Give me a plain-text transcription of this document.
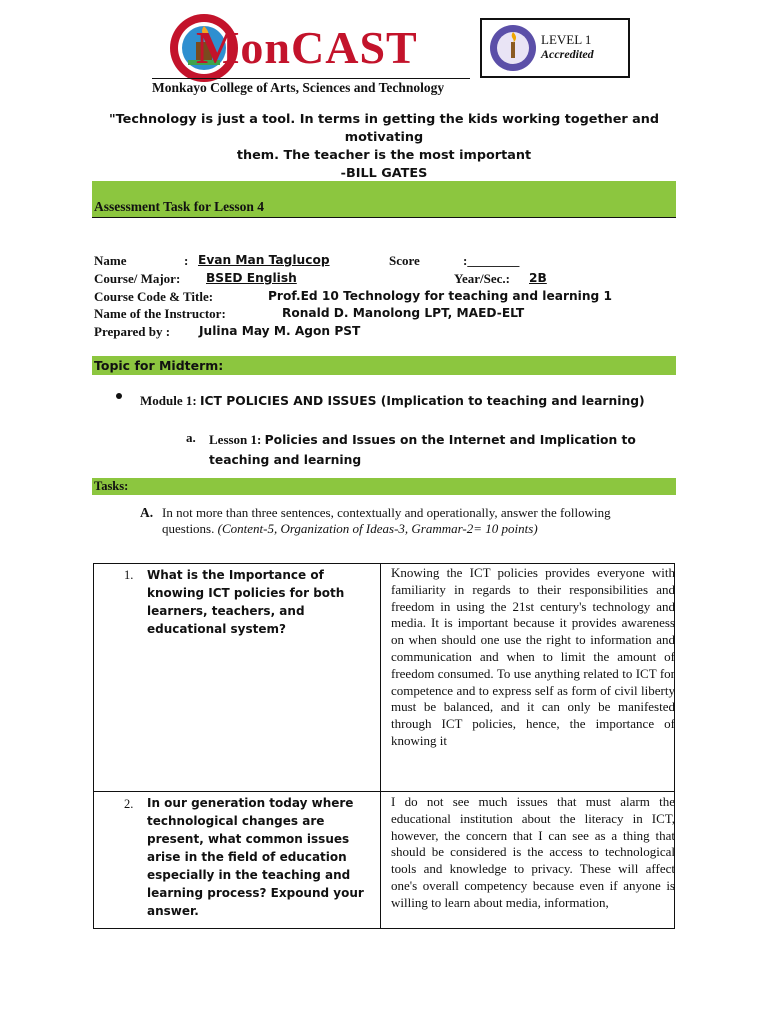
MonCAST
Monkayo College of Arts, Sciences and Technology
LEVEL 1
Accredited
"Technology is just a tool. In terms in getting the kids working together and motivating
them. The teacher is the most important
-BILL GATES
Assessment Task for Lesson 4
Name	: Evan Man Taglucop	Score	:________
Course/ Major: BSED English	Year/Sec.: 2B
Course Code & Title:	Prof.Ed 10 Technology for teaching and learning 1
Name of the Instructor:	Ronald D. Manolong LPT, MAED-ELT
Prepared by : Julina May M. Agon PST
Topic for Midterm:
Module 1: ICT POLICIES AND ISSUES (Implication to teaching and learning)
a. Lesson 1: Policies and Issues on the Internet and Implication to teaching and learning
Tasks:
A. In not more than three sentences, contextually and operationally, answer the following questions. (Content-5, Organization of Ideas-3, Grammar-2= 10 points)
1. What is the Importance of knowing ICT policies for both learners, teachers, and educational system?
Knowing the ICT policies provides everyone with familiarity in regards to their responsibilities and freedom in using the 21st century's technology and media. It is important because it provides awareness on when should one use the right to information and communication and when to limit the amount of freedom consumed. To use anything related to ICT for competence and to express self as form of civil liberty must be balanced, and it can only be manifested through ICT policies, hence, the importance of knowing it
2. In our generation today where technological changes are present, what common issues arise in the field of education especially in the teaching and learning process? Expound your answer.
I do not see much issues that must alarm the educational institution about the literacy in ICT, however, the concern that I can see as a thing that should be considered is the access to technological tools and knowledge to privacy. These will affect one's overall competency because even if anyone is willing to learn about media, information,
